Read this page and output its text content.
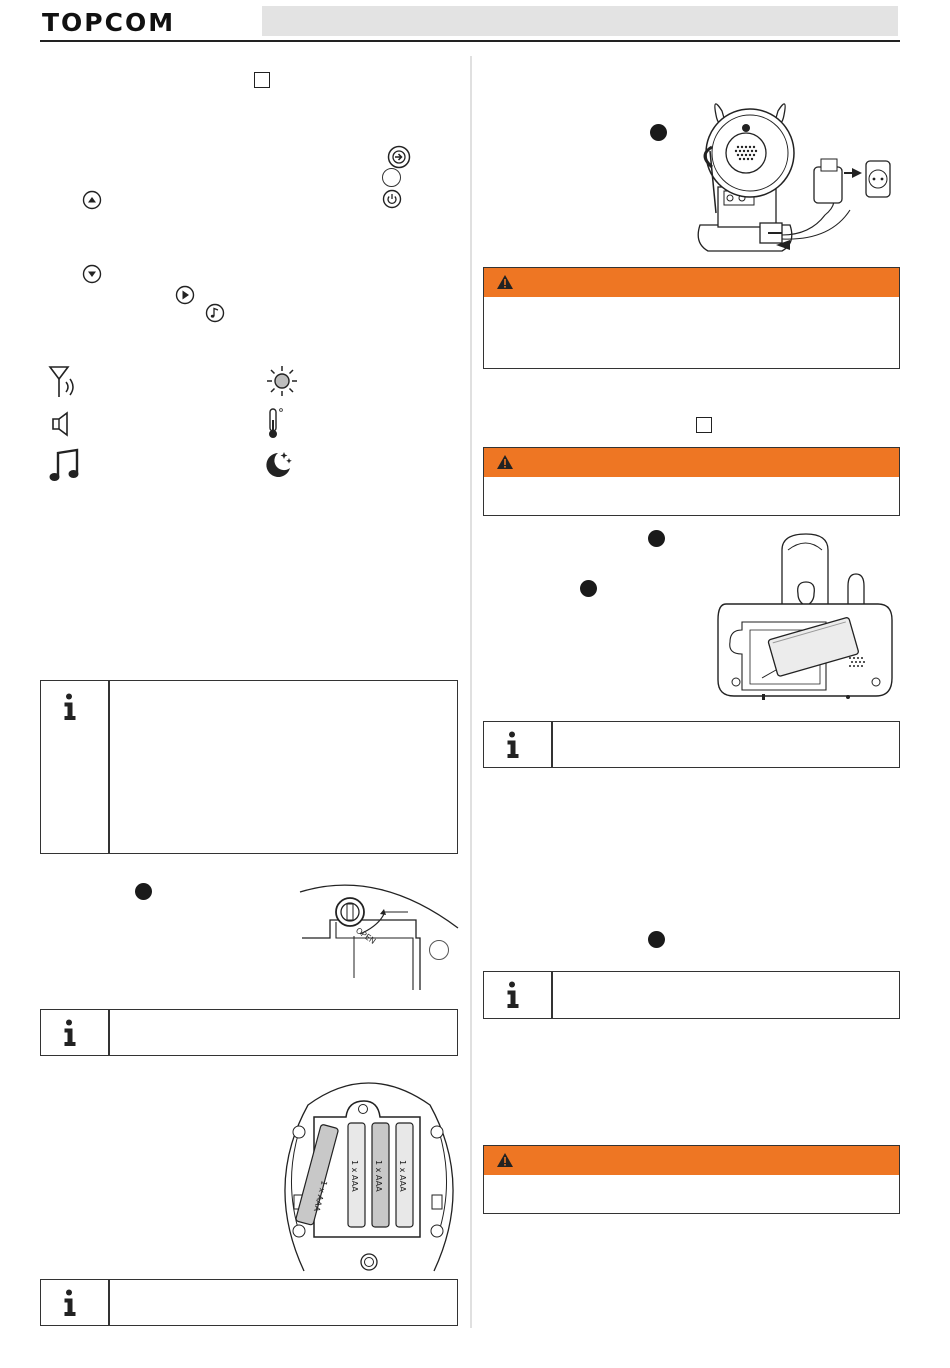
TOPCOM
OPEN
1 x AAA
1 x AAA 1 x AAA 1 x AAA
